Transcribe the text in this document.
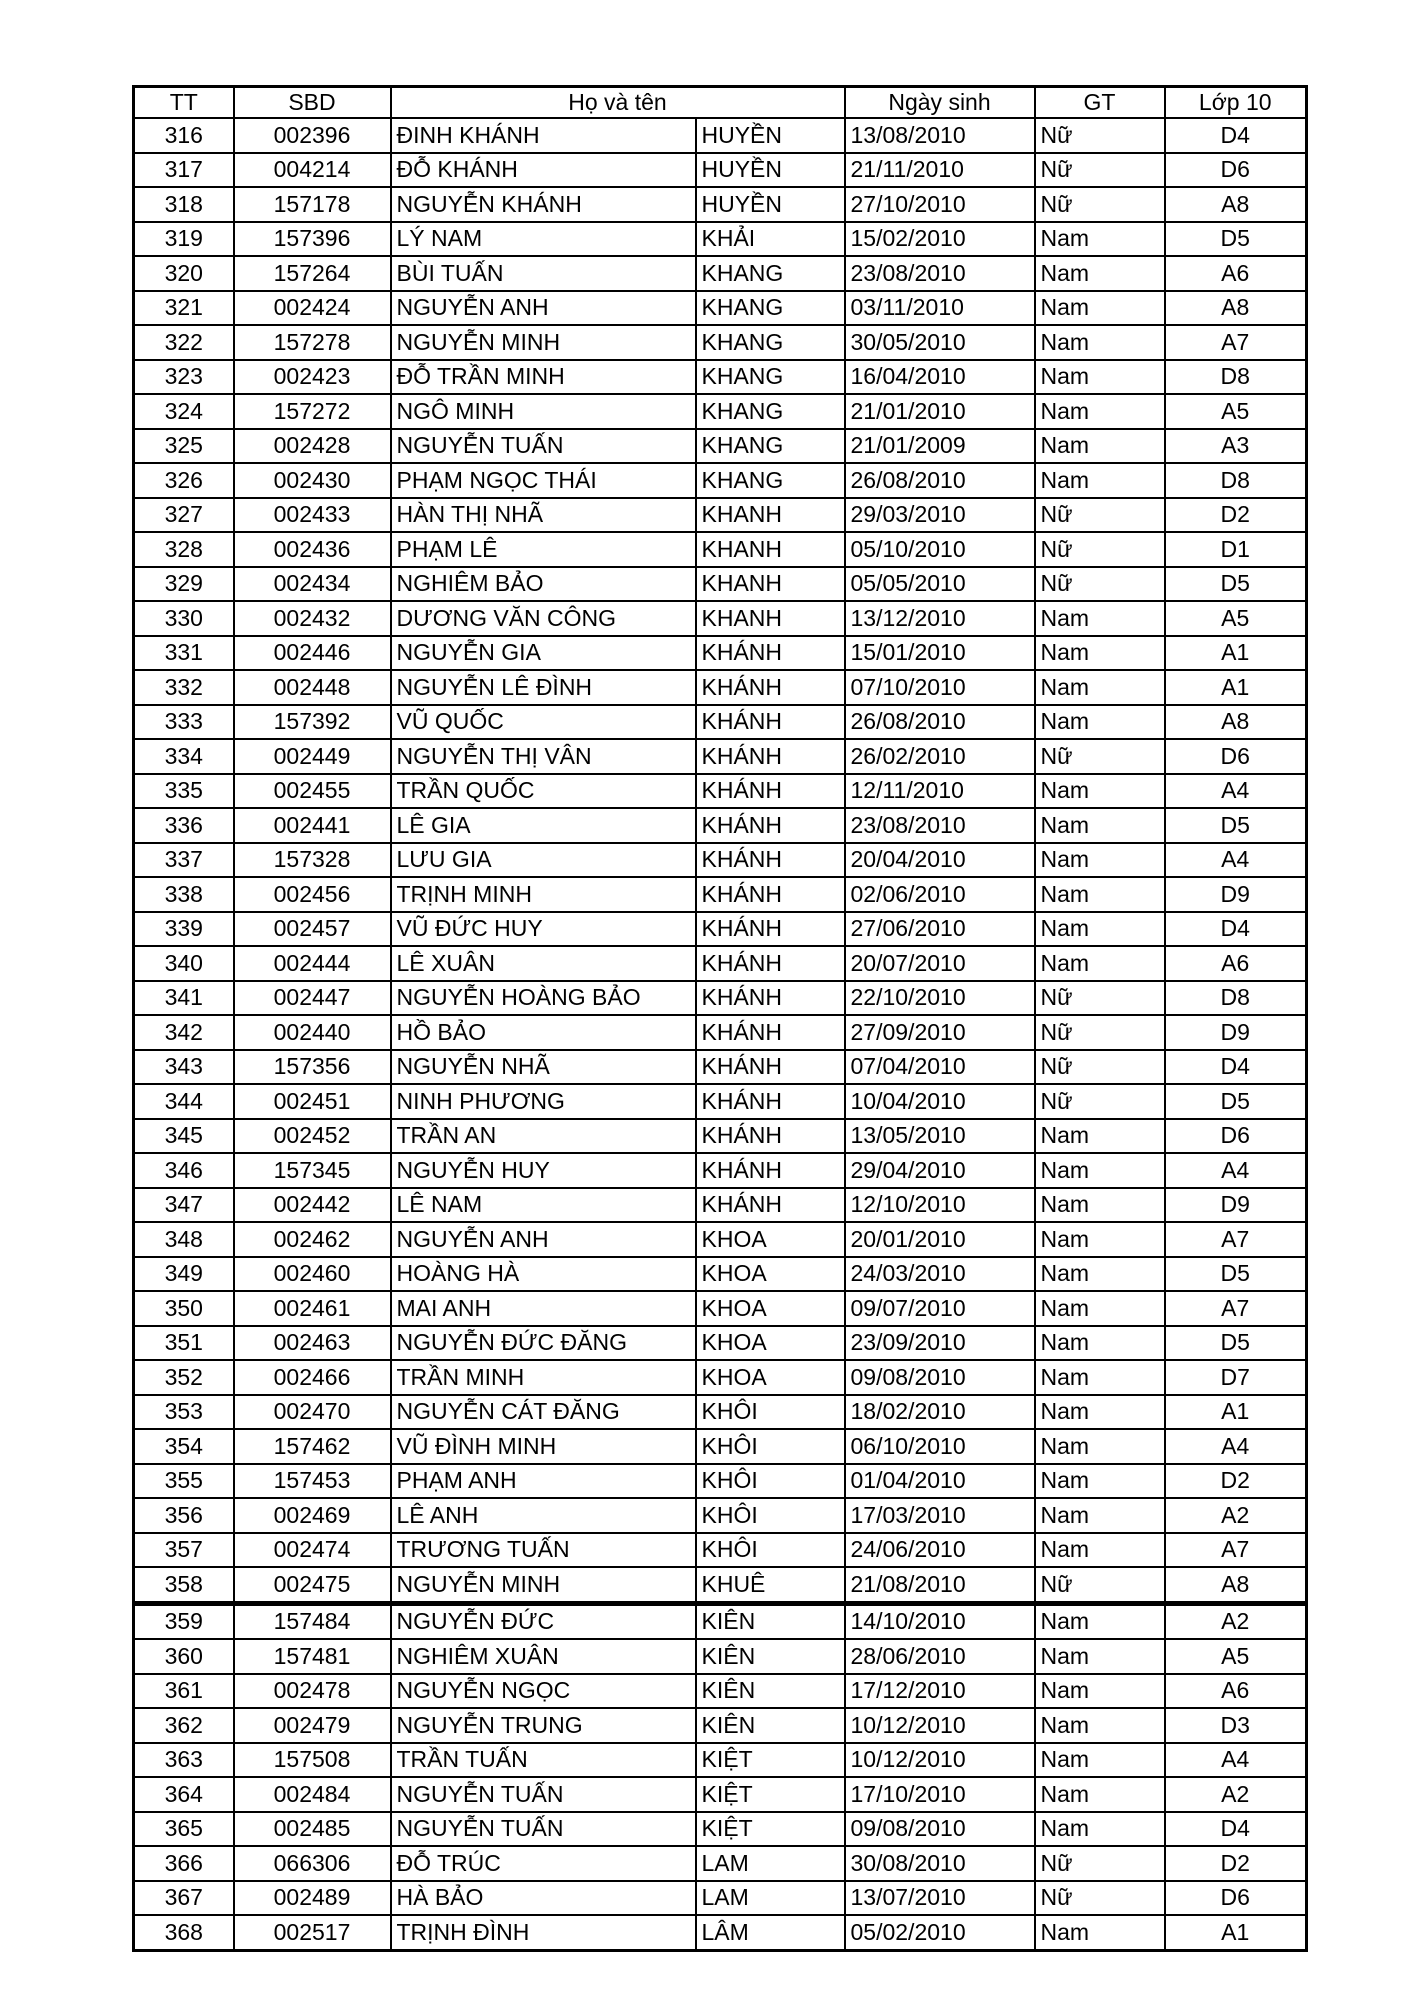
TT	SBD	Họ và tên		Ngày sinh	GT	Lớp 10
316	002396	ĐINH KHÁNH	HUYỀN	13/08/2010	Nữ	D4
317	004214	ĐỖ KHÁNH	HUYỀN	21/11/2010	Nữ	D6
318	157178	NGUYỄN KHÁNH	HUYỀN	27/10/2010	Nữ	A8
319	157396	LÝ NAM	KHẢI	15/02/2010	Nam	D5
320	157264	BÙI TUẤN	KHANG	23/08/2010	Nam	A6
321	002424	NGUYỄN ANH	KHANG	03/11/2010	Nam	A8
322	157278	NGUYỄN MINH	KHANG	30/05/2010	Nam	A7
323	002423	ĐỖ TRẦN MINH	KHANG	16/04/2010	Nam	D8
324	157272	NGÔ MINH	KHANG	21/01/2010	Nam	A5
325	002428	NGUYỄN TUẤN	KHANG	21/01/2009	Nam	A3
326	002430	PHẠM NGỌC THÁI	KHANG	26/08/2010	Nam	D8
327	002433	HÀN THỊ NHÃ	KHANH	29/03/2010	Nữ	D2
328	002436	PHẠM LÊ	KHANH	05/10/2010	Nữ	D1
329	002434	NGHIÊM BẢO	KHANH	05/05/2010	Nữ	D5
330	002432	DƯƠNG VĂN CÔNG	KHANH	13/12/2010	Nam	A5
331	002446	NGUYỄN GIA	KHÁNH	15/01/2010	Nam	A1
332	002448	NGUYỄN LÊ ĐÌNH	KHÁNH	07/10/2010	Nam	A1
333	157392	VŨ QUỐC	KHÁNH	26/08/2010	Nam	A8
334	002449	NGUYỄN THỊ VÂN	KHÁNH	26/02/2010	Nữ	D6
335	002455	TRẦN QUỐC	KHÁNH	12/11/2010	Nam	A4
336	002441	LÊ GIA	KHÁNH	23/08/2010	Nam	D5
337	157328	LƯU GIA	KHÁNH	20/04/2010	Nam	A4
338	002456	TRỊNH MINH	KHÁNH	02/06/2010	Nam	D9
339	002457	VŨ ĐỨC HUY	KHÁNH	27/06/2010	Nam	D4
340	002444	LÊ XUÂN	KHÁNH	20/07/2010	Nam	A6
341	002447	NGUYỄN HOÀNG BẢO	KHÁNH	22/10/2010	Nữ	D8
342	002440	HỒ BẢO	KHÁNH	27/09/2010	Nữ	D9
343	157356	NGUYỄN NHÃ	KHÁNH	07/04/2010	Nữ	D4
344	002451	NINH PHƯƠNG	KHÁNH	10/04/2010	Nữ	D5
345	002452	TRẦN AN	KHÁNH	13/05/2010	Nam	D6
346	157345	NGUYỄN HUY	KHÁNH	29/04/2010	Nam	A4
347	002442	LÊ NAM	KHÁNH	12/10/2010	Nam	D9
348	002462	NGUYỄN ANH	KHOA	20/01/2010	Nam	A7
349	002460	HOÀNG HÀ	KHOA	24/03/2010	Nam	D5
350	002461	MAI ANH	KHOA	09/07/2010	Nam	A7
351	002463	NGUYỄN ĐỨC ĐĂNG	KHOA	23/09/2010	Nam	D5
352	002466	TRẦN MINH	KHOA	09/08/2010	Nam	D7
353	002470	NGUYỄN CÁT ĐĂNG	KHÔI	18/02/2010	Nam	A1
354	157462	VŨ ĐÌNH MINH	KHÔI	06/10/2010	Nam	A4
355	157453	PHẠM ANH	KHÔI	01/04/2010	Nam	D2
356	002469	LÊ ANH	KHÔI	17/03/2010	Nam	A2
357	002474	TRƯƠNG TUẤN	KHÔI	24/06/2010	Nam	A7
358	002475	NGUYỄN MINH	KHUÊ	21/08/2010	Nữ	A8
359	157484	NGUYỄN ĐỨC	KIÊN	14/10/2010	Nam	A2
360	157481	NGHIÊM XUÂN	KIÊN	28/06/2010	Nam	A5
361	002478	NGUYỄN NGỌC	KIÊN	17/12/2010	Nam	A6
362	002479	NGUYỄN TRUNG	KIÊN	10/12/2010	Nam	D3
363	157508	TRẦN TUẤN	KIỆT	10/12/2010	Nam	A4
364	002484	NGUYỄN TUẤN	KIỆT	17/10/2010	Nam	A2
365	002485	NGUYỄN TUẤN	KIỆT	09/08/2010	Nam	D4
366	066306	ĐỖ TRÚC	LAM	30/08/2010	Nữ	D2
367	002489	HÀ BẢO	LAM	13/07/2010	Nữ	D6
368	002517	TRỊNH ĐÌNH	LÂM	05/02/2010	Nam	A1
